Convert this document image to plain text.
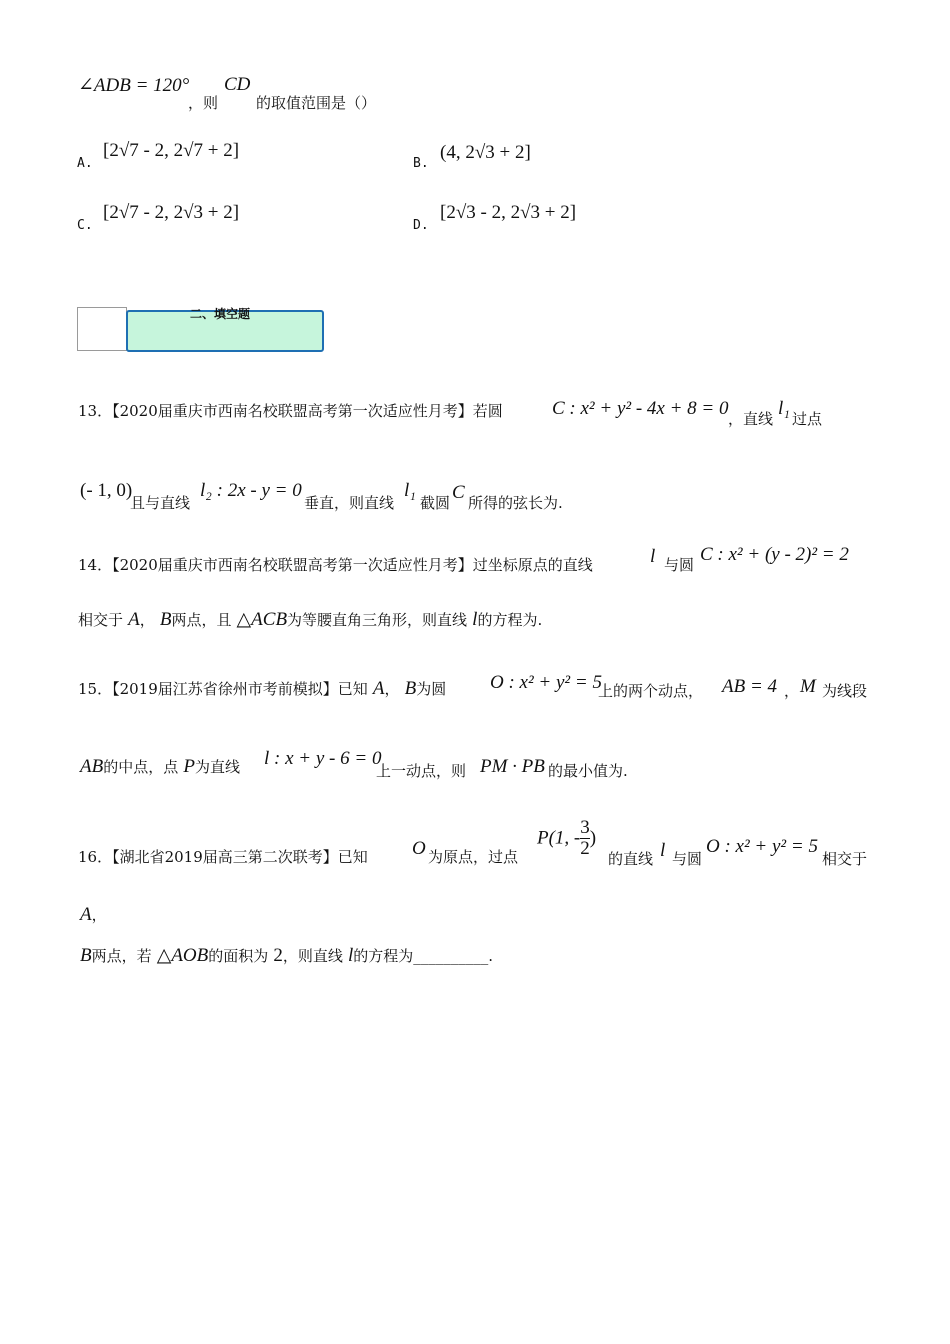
∠ADB = 120°
，则
CD
的取值范围是（）
A.
[2√7 - 2, 2√7 + 2]
B.
(4, 2√3 + 2]
C.
[2√7 - 2, 2√3 + 2]
D.
[2√3 - 2, 2√3 + 2]
二、填空题
13．【2020届重庆市西南名校联盟高考第一次适应性月考】若圆	C : x² + y² - 4x + 8 = 0 ，直线 l₁ 过点
(- 1, 0)
且与直线
l₂ : 2x - y = 0
垂直，则直线
l₁
截圆 C 所得的弦长为.
14．【2020届重庆市西南名校联盟高考第一次适应性月考】过坐标原点的直线	l 与圆 C : x² + (y - 2)² = 2
相交于 A， B两点，且 △ACB为等腰直角三角形，则直线 l的方程为.
15．【2019届江苏省徐州市考前模拟】已知 A， B为圆 O : x² + y² = 5
上的两个动点， AB = 4 ， M 为线段
AB的中点，点 P为直线 l : x + y - 6 = 0
上一动点，则 PM · PB 的最小值为.
16．【湖北省2019届高三第二次联考】已知 O 为原点，过点
P(1, - $\frac{3}{2}$ )
的直线 l 与圆
O : x² + y² = 5
相交于
A，
B两点，若 △AOB的面积为 2，则直线 l的方程为__________.
